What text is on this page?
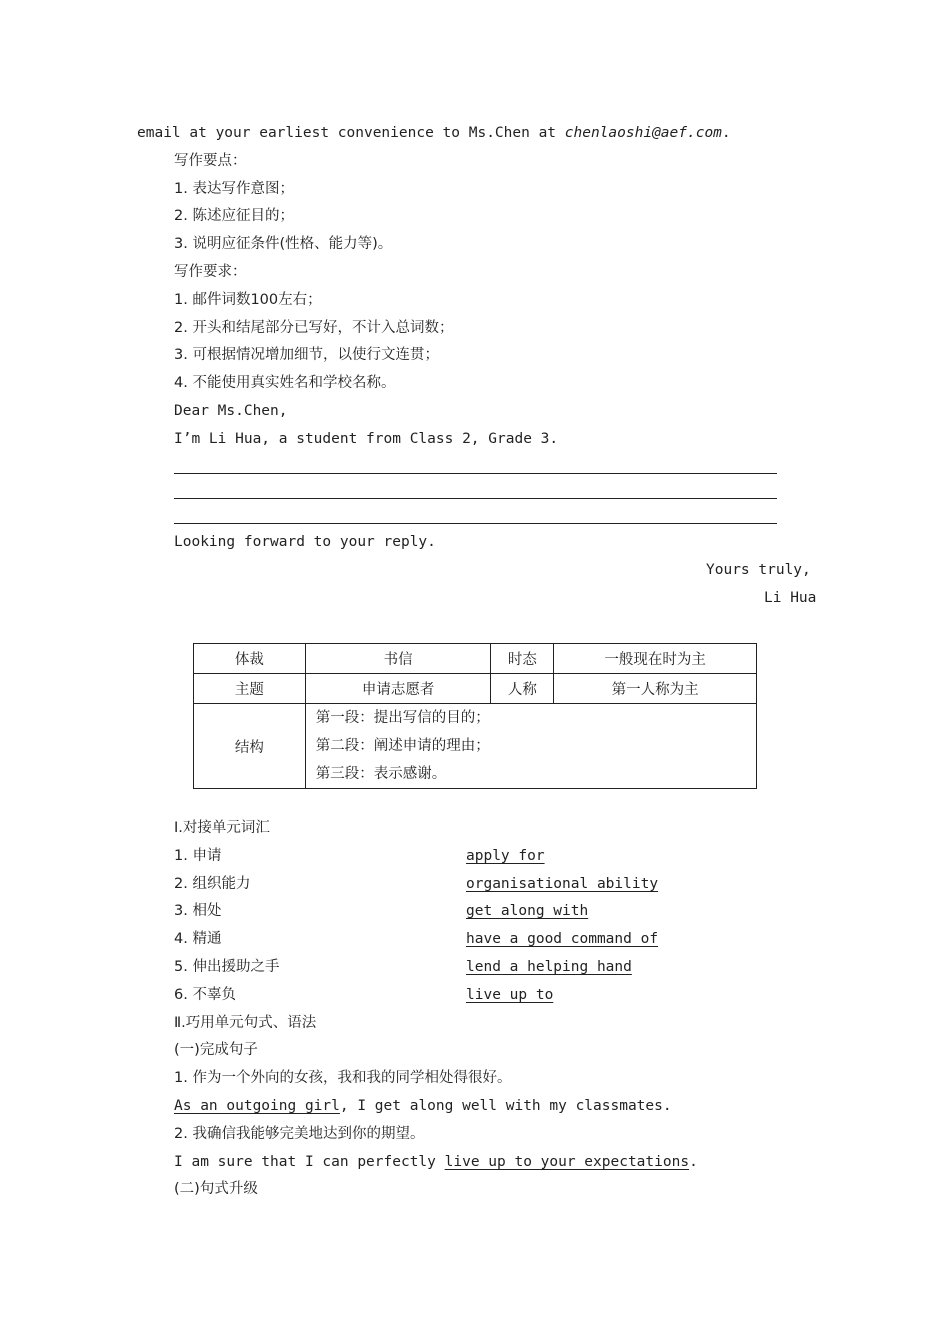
email at your earliest convenience to Ms.Chen at chenlaoshi@aef.com.
写作要点：
1. 表达写作意图；
2. 陈述应征目的；
3. 说明应征条件(性格、能力等)。
写作要求：
1. 邮件词数100左右；
2. 开头和结尾部分已写好，不计入总词数；
3. 可根据情况增加细节，以使行文连贯；
4. 不能使用真实姓名和学校名称。
Dear Ms.Chen,
I’m Li Hua, a student from Class 2, Grade 3.
Looking forward to your reply.
Yours truly,
Li Hua
体裁	书信	时态	一般现在时为主
主题	申请志愿者	人称	第一人称为主
结构	第一段：提出写信的目的；
第二段：阐述申请的理由；
第三段：表示感谢。		
Ⅰ.对接单元词汇
1. 申请	apply for
2. 组织能力	organisational ability
3. 相处	get along with
4. 精通	have a good command of
5. 伸出援助之手	lend a helping hand
6. 不辜负	live up to
Ⅱ.巧用单元句式、语法
(一)完成句子
1. 作为一个外向的女孩，我和我的同学相处得很好。
As an outgoing girl, I get along well with my classmates.
2. 我确信我能够完美地达到你的期望。
I am sure that I can perfectly live up to your expectations.
(二)句式升级
